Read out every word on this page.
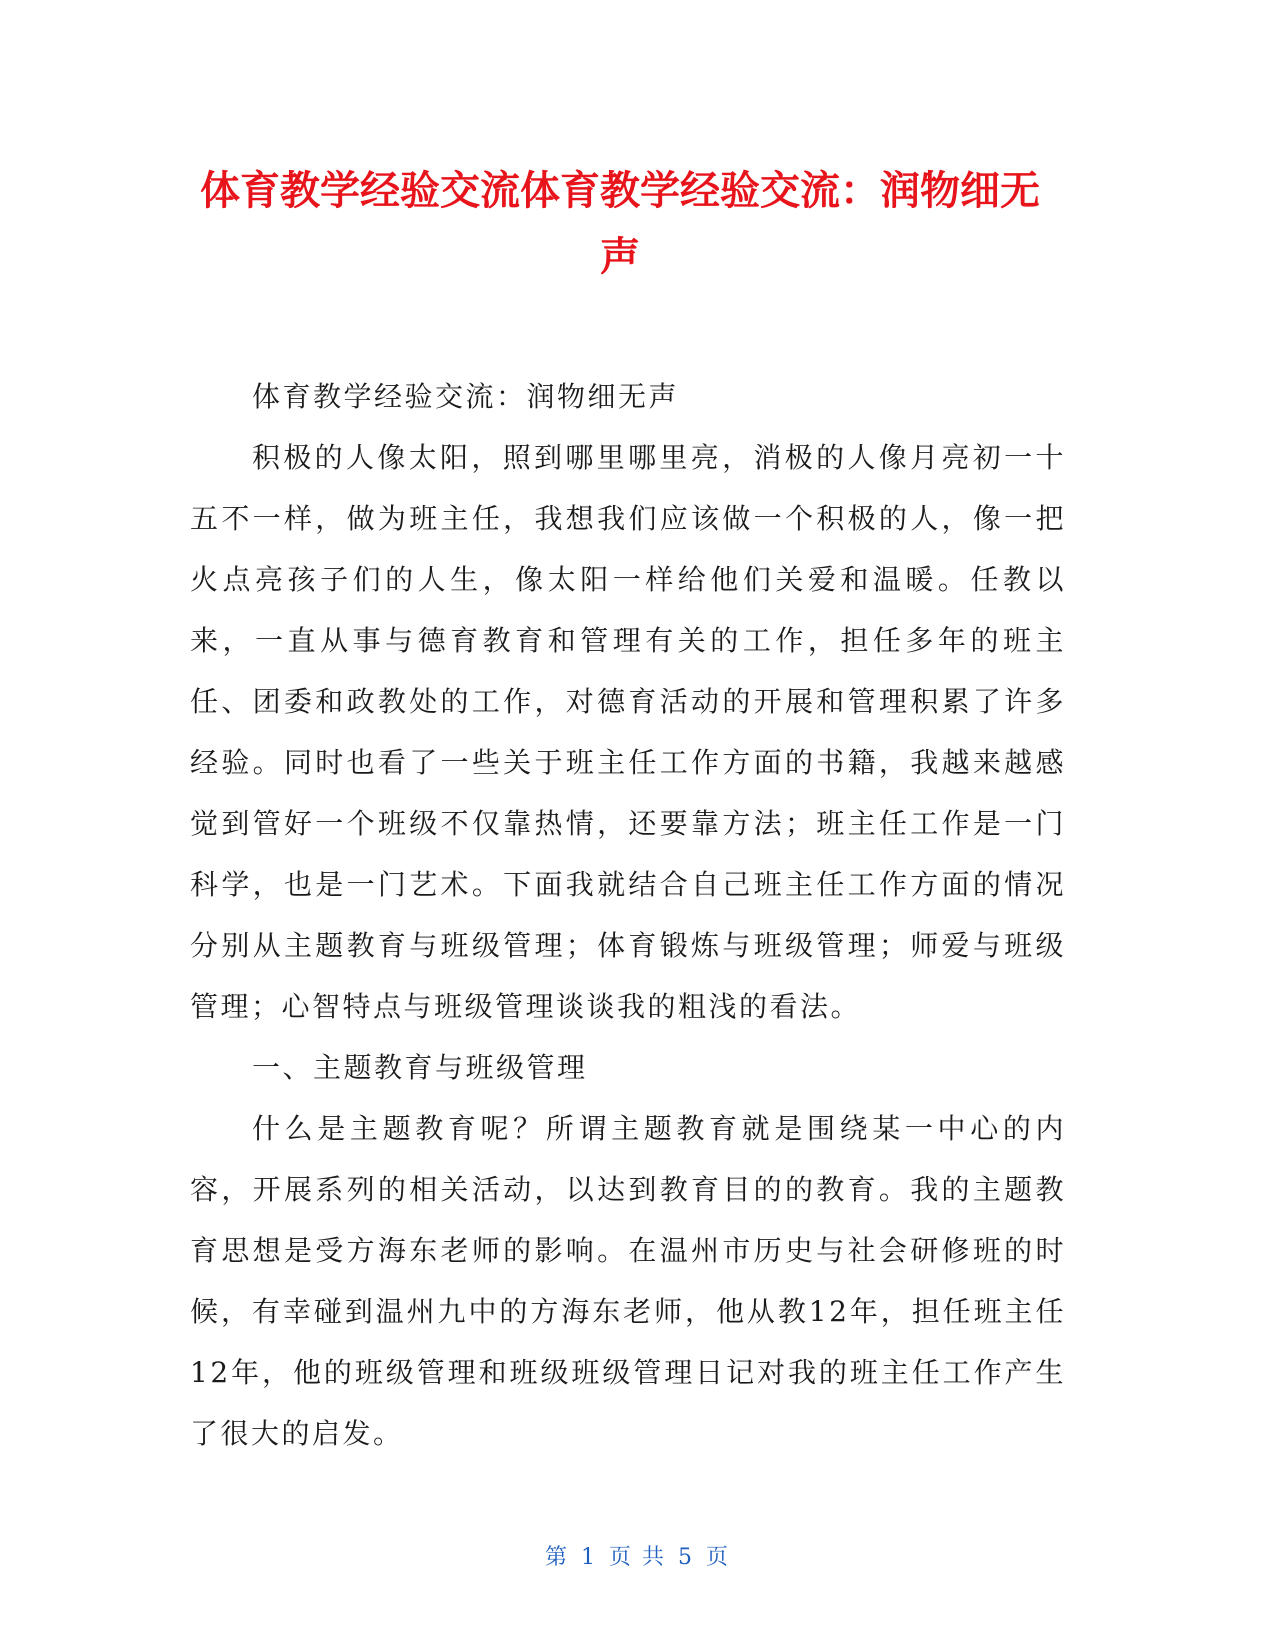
体育教学经验交流体育教学经验交流：润物细无声

体育教学经验交流：润物细无声

积极的人像太阳，照到哪里哪里亮，消极的人像月亮初一十五不一样，做为班主任，我想我们应该做一个积极的人，像一把火点亮孩子们的人生，像太阳一样给他们关爱和温暖。任教以来，一直从事与德育教育和管理有关的工作，担任多年的班主任、团委和政教处的工作，对德育活动的开展和管理积累了许多经验。同时也看了一些关于班主任工作方面的书籍，我越来越感觉到管好一个班级不仅靠热情，还要靠方法；班主任工作是一门科学，也是一门艺术。下面我就结合自己班主任工作方面的情况分别从主题教育与班级管理；体育锻炼与班级管理；师爱与班级管理；心智特点与班级管理谈谈我的粗浅的看法。

一、主题教育与班级管理

什么是主题教育呢？所谓主题教育就是围绕某一中心的内容，开展系列的相关活动，以达到教育目的的教育。我的主题教育思想是受方海东老师的影响。在温州市历史与社会研修班的时候，有幸碰到温州九中的方海东老师，他从教12年，担任班主任12年，他的班级管理和班级班级管理日记对我的班主任工作产生了很大的启发。

第 1 页 共 5 页
